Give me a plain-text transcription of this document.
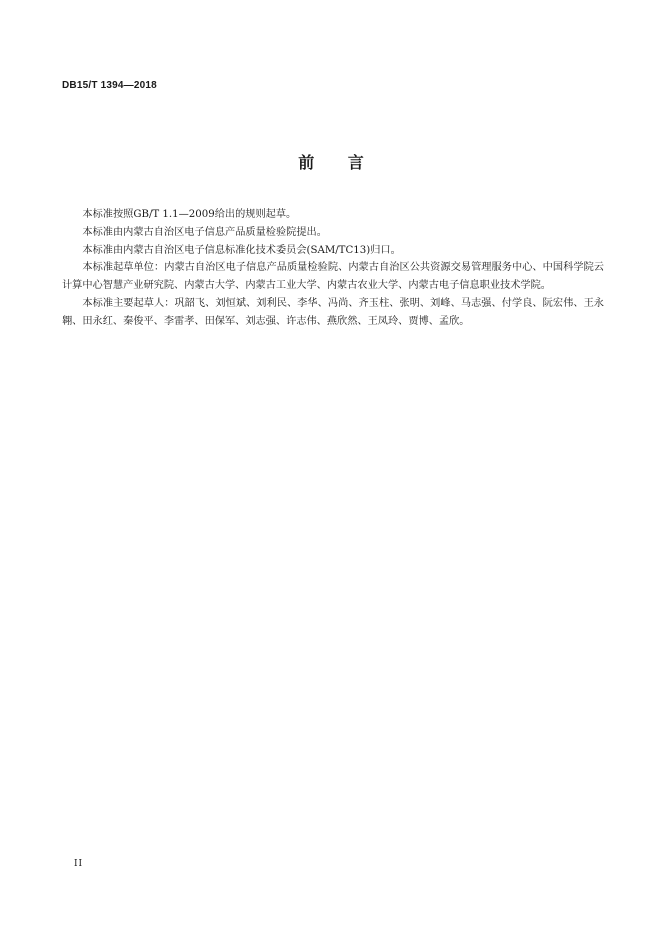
DB15/T 1394—2018
前 言

本标准按照GB/T 1.1—2009给出的规则起草。

本标准由内蒙古自治区电子信息产品质量检验院提出。

本标准由内蒙古自治区电子信息标准化技术委员会(SAM/TC13)归口。

本标准起草单位：内蒙古自治区电子信息产品质量检验院、内蒙古自治区公共资源交易管理服务中心、中国科学院云计算中心智慧产业研究院、内蒙古大学、内蒙古工业大学、内蒙古农业大学、内蒙古电子信息职业技术学院。

本标准主要起草人：巩韶飞、刘恒斌、刘利民、李华、冯尚、齐玉柱、张明、刘峰、马志强、付学良、阮宏伟、王永翱、田永红、秦俊平、李雷孝、田保军、刘志强、许志伟、燕欣然、王凤玲、贾博、孟欣。

II
